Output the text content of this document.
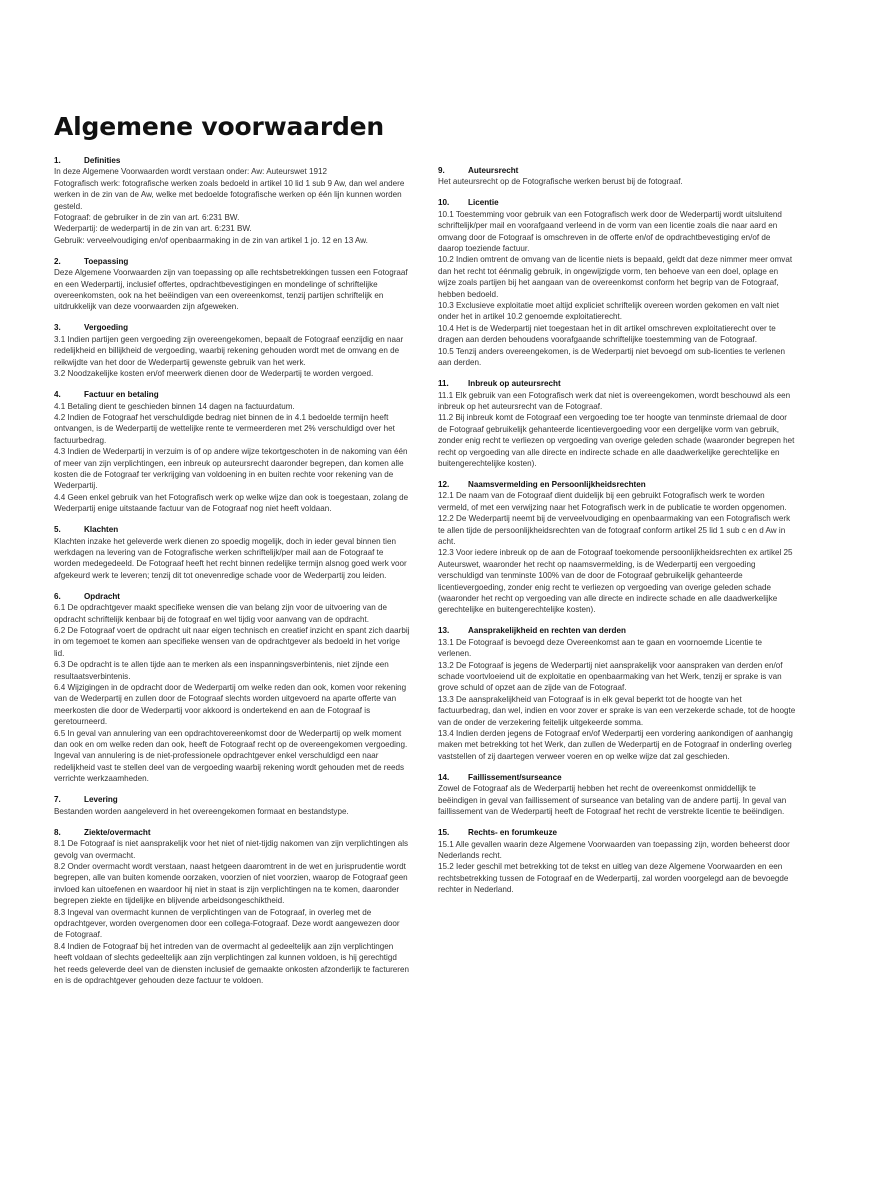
Algemene voorwaarden
1.	Definities
In deze Algemene Voorwaarden wordt verstaan onder: Aw: Auteurswet 1912
Fotografisch werk: fotografische werken zoals bedoeld in artikel 10 lid 1 sub 9 Aw, dan wel andere werken in de zin van de Aw, welke met bedoelde fotografische werken op één lijn kunnen worden gesteld.
Fotograaf: de gebruiker in de zin van art. 6:231 BW.
Wederpartij: de wederpartij in de zin van art. 6:231 BW.
Gebruik: verveelvoudiging en/of openbaarmaking in de zin van artikel 1 jo. 12 en 13 Aw.
2.	Toepassing
Deze Algemene Voorwaarden zijn van toepassing op alle rechtsbetrekkingen tussen een Fotograaf en een Wederpartij, inclusief offertes, opdrachtbevestigingen en mondelinge of schriftelijke overeenkomsten, ook na het beëindigen van een overeenkomst, tenzij partijen schriftelijk en uitdrukkelijk van deze voorwaarden zijn afgeweken.
3.	Vergoeding
3.1 Indien partijen geen vergoeding zijn overeengekomen, bepaalt de Fotograaf eenzijdig en naar redelijkheid en billijkheid de vergoeding, waarbij rekening gehouden wordt met de omvang en de reikwijdte van het door de Wederpartij gewenste gebruik van het werk.
3.2 Noodzakelijke kosten en/of meerwerk dienen door de Wederpartij te worden vergoed.
4.	Factuur en betaling
4.1 Betaling dient te geschieden binnen 14 dagen na factuurdatum.
4.2 Indien de Fotograaf het verschuldigde bedrag niet binnen de in 4.1 bedoelde termijn heeft ontvangen, is de Wederpartij de wettelijke rente te vermeerderen met 2% verschuldigd over het factuurbedrag.
4.3 Indien de Wederpartij in verzuim is of op andere wijze tekortgeschoten in de nakoming van één of meer van zijn verplichtingen, een inbreuk op auteursrecht daaronder begrepen, dan komen alle kosten die de Fotograaf ter verkrijging van voldoening in en buiten rechte voor rekening van de Wederpartij.
4.4 Geen enkel gebruik van het Fotografisch werk op welke wijze dan ook is toegestaan, zolang de Wederpartij enige uitstaande factuur van de Fotograaf nog niet heeft voldaan.
5.	Klachten
Klachten inzake het geleverde werk dienen zo spoedig mogelijk, doch in ieder geval binnen tien werkdagen na levering van de Fotografische werken schriftelijk/per mail aan de Fotograaf te worden medegedeeld. De Fotograaf heeft het recht binnen redelijke termijn alsnog goed werk voor afgekeurd werk te leveren; tenzij dit tot onevenredige schade voor de Wederpartij zou leiden.
6.	Opdracht
6.1 De opdrachtgever maakt specifieke wensen die van belang zijn voor de uitvoering van de opdracht schriftelijk kenbaar bij de fotograaf en wel tijdig voor aanvang van de opdracht.
6.2 De Fotograaf voert de opdracht uit naar eigen technisch en creatief inzicht en spant zich daarbij in om tegemoet te komen aan specifieke wensen van de opdrachtgever als bedoeld in het vorige lid.
6.3 De opdracht is te allen tijde aan te merken als een inspanningsverbintenis, niet zijnde een resultaatsverbintenis.
6.4 Wijzigingen in de opdracht door de Wederpartij om welke reden dan ook, komen voor rekening van de Wederpartij en zullen door de Fotograaf slechts worden uitgevoerd na aparte offerte van meerkosten die door de Wederpartij voor akkoord is ondertekend en aan de Fotograaf is geretourneerd.
6.5 In geval van annulering van een opdrachtovereenkomst door de Wederpartij op welk moment dan ook en om welke reden dan ook, heeft de Fotograaf recht op de overeengekomen vergoeding. Ingeval van annulering is de niet-professionele opdrachtgever enkel verschuldigd een naar redelijkheid vast te stellen deel van de vergoeding waarbij rekening wordt gehouden met de reeds verrichte werkzaamheden.
7.	Levering
Bestanden worden aangeleverd in het overeengekomen formaat en bestandstype.
8.	Ziekte/overmacht
8.1 De Fotograaf is niet aansprakelijk voor het niet of niet-tijdig nakomen van zijn verplichtingen als gevolg van overmacht.
8.2 Onder overmacht wordt verstaan, naast hetgeen daaromtrent in de wet en jurisprudentie wordt begrepen, alle van buiten komende oorzaken, voorzien of niet voorzien, waarop de Fotograaf geen invloed kan uitoefenen en waardoor hij niet in staat is zijn verplichtingen na te komen, daaronder begrepen ziekte en tijdelijke en blijvende arbeidsongeschiktheid.
8.3 Ingeval van overmacht kunnen de verplichtingen van de Fotograaf, in overleg met de opdrachtgever, worden overgenomen door een collega-Fotograaf. Deze wordt aangewezen door de Fotograaf.
8.4 Indien de Fotograaf bij het intreden van de overmacht al gedeeltelijk aan zijn verplichtingen heeft voldaan of slechts gedeeltelijk aan zijn verplichtingen zal kunnen voldoen, is hij gerechtigd het reeds geleverde deel van de diensten inclusief de gemaakte onkosten afzonderlijk te factureren en is de opdrachtgever gehouden deze factuur te voldoen.
9.	Auteursrecht
Het auteursrecht op de Fotografische werken berust bij de fotograaf.
10. Licentie
10.1 Toestemming voor gebruik van een Fotografisch werk door de Wederpartij wordt uitsluitend schriftelijk/per mail en voorafgaand verleend in de vorm van een licentie zoals die naar aard en omvang door de Fotograaf is omschreven in de offerte en/of de opdrachtbevestiging en/of de daarop toeziende factuur.
10.2 Indien omtrent de omvang van de licentie niets is bepaald, geldt dat deze nimmer meer omvat dan het recht tot éénmalig gebruik, in ongewijzigde vorm, ten behoeve van een doel, oplage en wijze zoals partijen bij het aangaan van de overeenkomst conform het begrip van de Fotograaf, hebben bedoeld.
10.3 Exclusieve exploitatie moet altijd expliciet schriftelijk overeen worden gekomen en valt niet onder het in artikel 10.2 genoemde exploitatierecht.
10.4 Het is de Wederpartij niet toegestaan het in dit artikel omschreven exploitatierecht over te dragen aan derden behoudens voorafgaande schriftelijke toestemming van de Fotograaf.
10.5 Tenzij anders overeengekomen, is de Wederpartij niet bevoegd om sub-licenties te verlenen aan derden.
11. Inbreuk op auteursrecht
11.1 Elk gebruik van een Fotografisch werk dat niet is overeengekomen, wordt beschouwd als een inbreuk op het auteursrecht van de Fotograaf.
11.2 Bij inbreuk komt de Fotograaf een vergoeding toe ter hoogte van tenminste driemaal de door de Fotograaf gebruikelijk gehanteerde licentievergoeding voor een dergelijke vorm van gebruik, zonder enig recht te verliezen op vergoeding van overige geleden schade (waaronder begrepen het recht op vergoeding van alle directe en indirecte schade en alle daadwerkelijke gerechtelijke en buitengerechtelijke kosten).
12. Naamsvermelding en Persoonlijkheidsrechten
12.1 De naam van de Fotograaf dient duidelijk bij een gebruikt Fotografisch werk te worden vermeld, of met een verwijzing naar het Fotografisch werk in de publicatie te worden opgenomen.
12.2 De Wederpartij neemt bij de verveelvoudiging en openbaarmaking van een Fotografisch werk te allen tijde de persoonlijkheidsrechten van de fotograaf conform artikel 25 lid 1 sub c en d Aw in acht.
12.3 Voor iedere inbreuk op de aan de Fotograaf toekomende persoonlijkheidsrechten ex artikel 25 Auteurswet, waaronder het recht op naamsvermelding, is de Wederpartij een vergoeding verschuldigd van tenminste 100% van de door de Fotograaf gebruikelijk gehanteerde licentievergoeding, zonder enig recht te verliezen op vergoeding van overige geleden schade (waaronder het recht op vergoeding van alle directe en indirecte schade en alle daadwerkelijke gerechtelijke en buitengerechtelijke kosten).
13. Aansprakelijkheid en rechten van derden
13.1 De Fotograaf is bevoegd deze Overeenkomst aan te gaan en voornoemde Licentie te verlenen.
13.2 De Fotograaf is jegens de Wederpartij niet aansprakelijk voor aanspraken van derden en/of schade voortvloeiend uit de exploitatie en openbaarmaking van het Werk, tenzij er sprake is van grove schuld of opzet aan de zijde van de Fotograaf.
13.3 De aansprakelijkheid van Fotograaf is in elk geval beperkt tot de hoogte van het factuurbedrag, dan wel, indien en voor zover er sprake is van een verzekerde schade, tot de hoogte van de onder de verzekering feitelijk uitgekeerde somma.
13.4 Indien derden jegens de Fotograaf en/of Wederpartij een vordering aankondigen of aanhangig maken met betrekking tot het Werk, dan zullen de Wederpartij en de Fotograaf in onderling overleg vaststellen of zij daartegen verweer voeren en op welke wijze dat zal geschieden.
14. Faillissement/surseance
Zowel de Fotograaf als de Wederpartij hebben het recht de overeenkomst onmiddellijk te beëindigen in geval van faillissement of surseance van betaling van de andere partij. In geval van faillissement van de Wederpartij heeft de Fotograaf het recht de verstrekte licentie te beëindigen.
15. Rechts- en forumkeuze
15.1 Alle gevallen waarin deze Algemene Voorwaarden van toepassing zijn, worden beheerst door Nederlands recht.
15.2 Ieder geschil met betrekking tot de tekst en uitleg van deze Algemene Voorwaarden en een rechtsbetrekking tussen de Fotograaf en de Wederpartij, zal worden voorgelegd aan de bevoegde rechter in Nederland.
